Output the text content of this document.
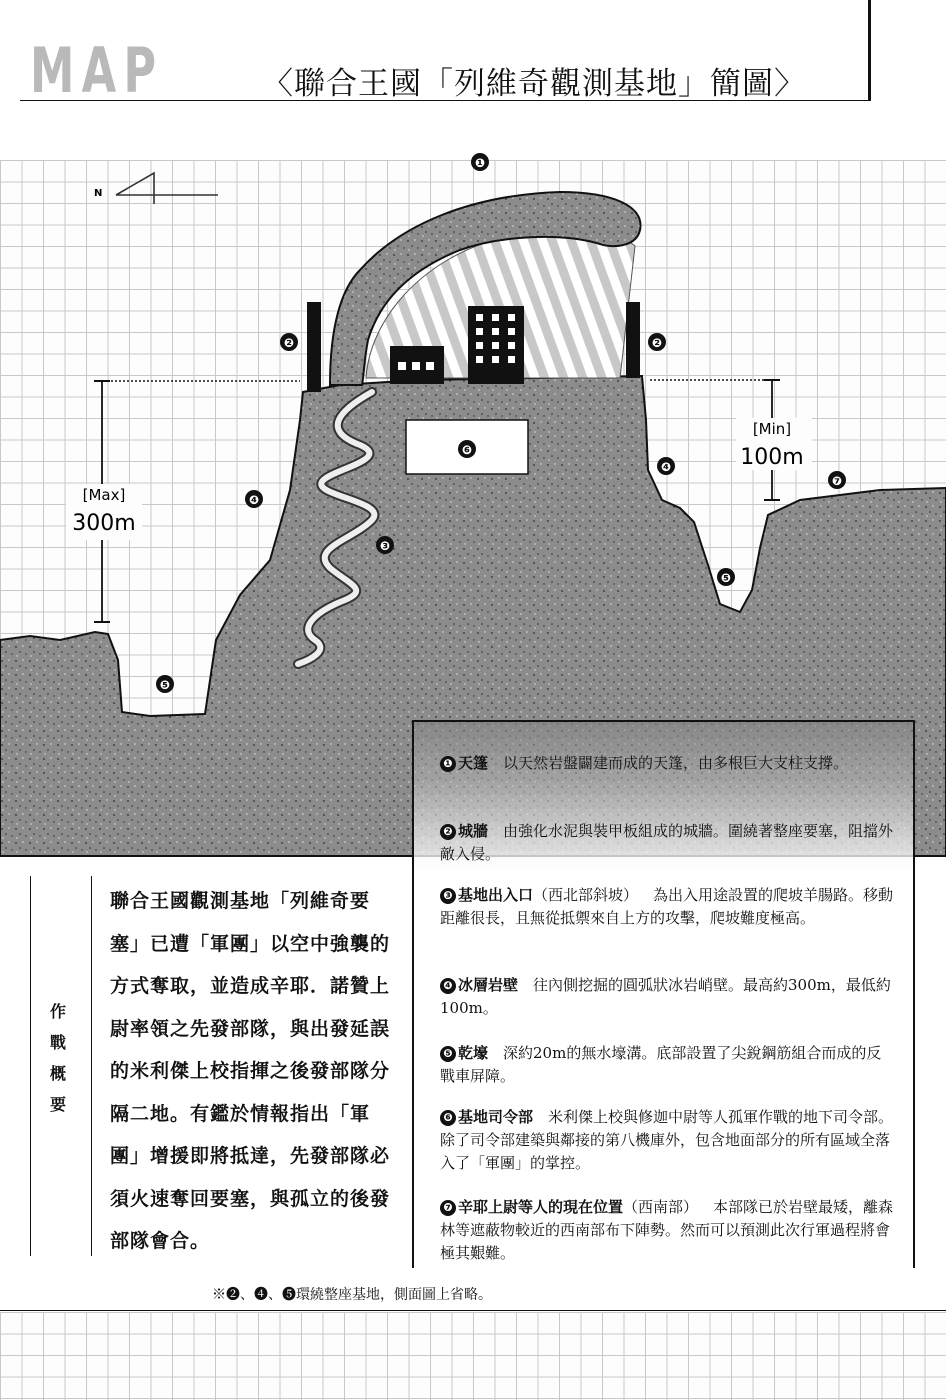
MAP	〈聯合王國「列維奇觀測基地」簡圖〉
[Max]
300m
[Min]
100m
N
❶
❷	❷
❸
❹
❹
❺
❺
❻
❼
❶ 天篷  以天然岩盤闢建而成的天篷，由多根巨大支柱支撐。
❷ 城牆  由強化水泥與裝甲板組成的城牆。圍繞著整座要塞，阻擋外敵入侵。
❸ 基地出入口（西北部斜坡）  為出入用途設置的爬坡羊腸路。移動距離很長，且無從抵禦來自上方的攻擊，爬坡難度極高。
❹ 冰層岩壁  往內側挖掘的圓弧狀冰岩峭壁。最高約300m，最低約100m。
❺ 乾壕  深約20m的無水壕溝。底部設置了尖銳鋼筋組合而成的反戰車屏障。
❻ 基地司令部  米利傑上校與修迦中尉等人孤軍作戰的地下司令部。除了司令部建築與鄰接的第八機庫外，包含地面部分的所有區域全落入了「軍團」的掌控。
❼ 辛耶上尉等人的現在位置（西南部）  本部隊已於岩壁最矮，離森林等遮蔽物較近的西南部布下陣勢。然而可以預測此次行軍過程將會極其艱難。
作戰概要
聯合王國觀測基地「列維奇要塞」已遭「軍團」以空中強襲的方式奪取，並造成辛耶．諾贊上尉率領之先發部隊，與出發延誤的米利傑上校指揮之後發部隊分隔二地。有鑑於情報指出「軍團」增援即將抵達，先發部隊必須火速奪回要塞，與孤立的後發部隊會合。
※❷、❹、❺環繞整座基地，側面圖上省略。
